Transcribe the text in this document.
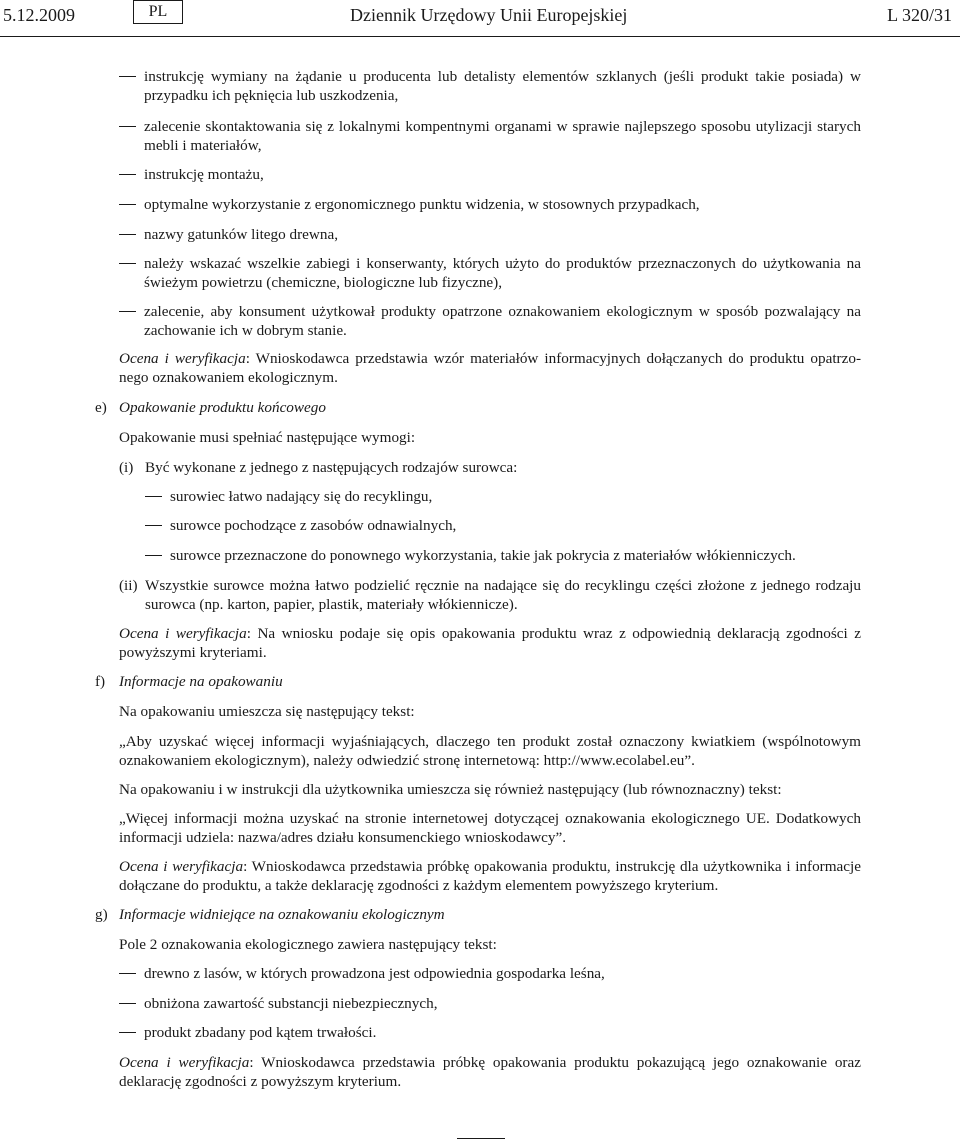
5.12.2009	PL	Dziennik Urzędowy Unii Europejskiej	L 320/31
instrukcję wymiany na żądanie u producenta lub detalisty elementów szklanych (jeśli produkt takie posiada) w przypadku ich pęknięcia lub uszkodzenia,
zalecenie skontaktowania się z lokalnymi kompentnymi organami w sprawie najlepszego sposobu utylizacji starych mebli i materiałów,
instrukcję montażu,
optymalne wykorzystanie z ergonomicznego punktu widzenia, w stosownych przypadkach,
nazwy gatunków litego drewna,
należy wskazać wszelkie zabiegi i konserwanty, których użyto do produktów przeznaczonych do użytkowania na świeżym powietrzu (chemiczne, biologiczne lub fizyczne),
zalecenie, aby konsument użytkował produkty opatrzone oznakowaniem ekologicznym w sposób pozwalający na zachowanie ich w dobrym stanie.
Ocena i weryfikacja: Wnioskodawca przedstawia wzór materiałów informacyjnych dołączanych do produktu opatrzonego oznakowaniem ekologicznym.
e) Opakowanie produktu końcowego
Opakowanie musi spełniać następujące wymogi:
(i) Być wykonane z jednego z następujących rodzajów surowca:
surowiec łatwo nadający się do recyklingu,
surowce pochodzące z zasobów odnawialnych,
surowce przeznaczone do ponownego wykorzystania, takie jak pokrycia z materiałów włókienniczych.
(ii) Wszystkie surowce można łatwo podzielić ręcznie na nadające się do recyklingu części złożone z jednego rodzaju surowca (np. karton, papier, plastik, materiały włókiennicze).
Ocena i weryfikacja: Na wniosku podaje się opis opakowania produktu wraz z odpowiednią deklaracją zgodności z powyższymi kryteriami.
f) Informacje na opakowaniu
Na opakowaniu umieszcza się następujący tekst:
„Aby uzyskać więcej informacji wyjaśniających, dlaczego ten produkt został oznaczony kwiatkiem (wspólnotowym oznakowaniem ekologicznym), należy odwiedzić stronę internetową: http://www.ecolabel.eu”.
Na opakowaniu i w instrukcji dla użytkownika umieszcza się również następujący (lub równoznaczny) tekst:
„Więcej informacji można uzyskać na stronie internetowej dotyczącej oznakowania ekologicznego UE. Dodatkowych informacji udziela: nazwa/adres działu konsumenckiego wnioskodawcy”.
Ocena i weryfikacja: Wnioskodawca przedstawia próbkę opakowania produktu, instrukcję dla użytkownika i informacje dołączane do produktu, a także deklarację zgodności z każdym elementem powyższego kryterium.
g) Informacje widniejące na oznakowaniu ekologicznym
Pole 2 oznakowania ekologicznego zawiera następujący tekst:
drewno z lasów, w których prowadzona jest odpowiednia gospodarka leśna,
obniżona zawartość substancji niebezpiecznych,
produkt zbadany pod kątem trwałości.
Ocena i weryfikacja: Wnioskodawca przedstawia próbkę opakowania produktu pokazującą jego oznakowanie oraz deklarację zgodności z powyższym kryterium.
